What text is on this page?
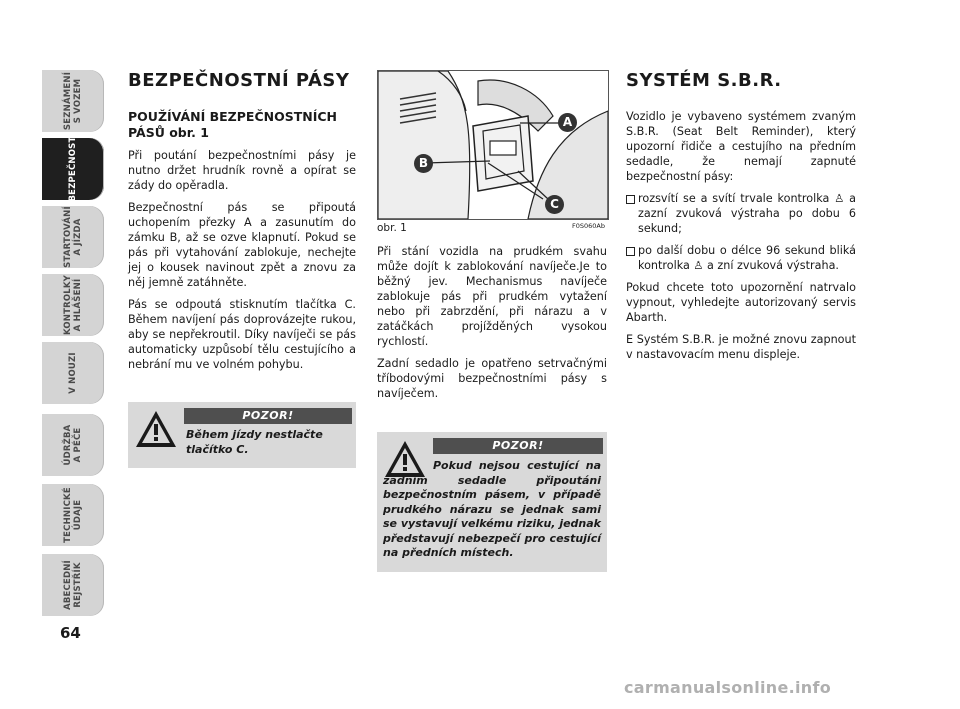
SEZNÁMENÍ
S VOZEM
BEZPEČNOST
STARTOVÁNÍ
A JÍZDA
KONTROLKY
A HLÁŠENÍ
V NOUZI
ÚDRŽBA
A PÉČE
TECHNICKÉ
ÚDAJE
ABECEDNÍ
REJSTŘÍK
64
BEZPEČNOSTNÍ PÁSY
POUŽÍVÁNÍ BEZPEČNOSTNÍCH PÁSŮ obr. 1
Při poutání bezpečnostními pásy je nutno držet hrudník rovně a opírat se zády do opěradla.
Bezpečnostní pás se připoutá uchopením přezky A a zasunutím do zámku B, až se ozve klapnutí. Pokud se pás při vytahování zablokuje, nechejte jej o kousek navinout zpět a znovu za něj jemně zatáhněte.
Pás se odpoutá stisknutím tlačítka C. Během navíjení pás doprovázejte rukou, aby se nepřekroutil. Díky navíječi se pás automaticky uzpůsobí tělu cestujícího a nebrání mu ve volném pohybu.
POZOR!
Během jízdy nestlačte tlačítko C.
A
B
C
obr. 1	F0S060Ab
Při stání vozidla na prudkém svahu může dojít k zablokování navíječe.Je to běžný jev. Mechanismus navíječe zablokuje pás při prudkém vytažení nebo při zabrzdění, při nárazu a v zatáčkách projížděných vysokou rychlostí.
Zadní sedadlo je opatřeno setrvačnými tříbodovými bezpečnostními pásy s navíječem.
POZOR!
Pokud nejsou cestující na zadním sedadle připoutáni bezpečnostním pásem, v případě prudkého nárazu se jednak sami se vystavují velkému riziku, jednak představují nebezpečí pro cestující na předních místech.
SYSTÉM S.B.R.
Vozidlo je vybaveno systémem zvaným S.B.R. (Seat Belt Reminder), který upozorní řidiče a cestujího na předním sedadle, že nemají zapnuté bezpečnostní pásy:
rozsvítí se a svítí trvale kontrolka ♙ a zazní zvuková výstraha po dobu 6 sekund;
po další dobu o délce 96 sekund bliká kontrolka ♙ a zní zvuková výstraha.
Pokud chcete toto upozornění natrvalo vypnout, vyhledejte autorizovaný servis Abarth.
E Systém S.B.R. je možné znovu zapnout v nastavovacím menu displeje.
carmanualsonline.info
